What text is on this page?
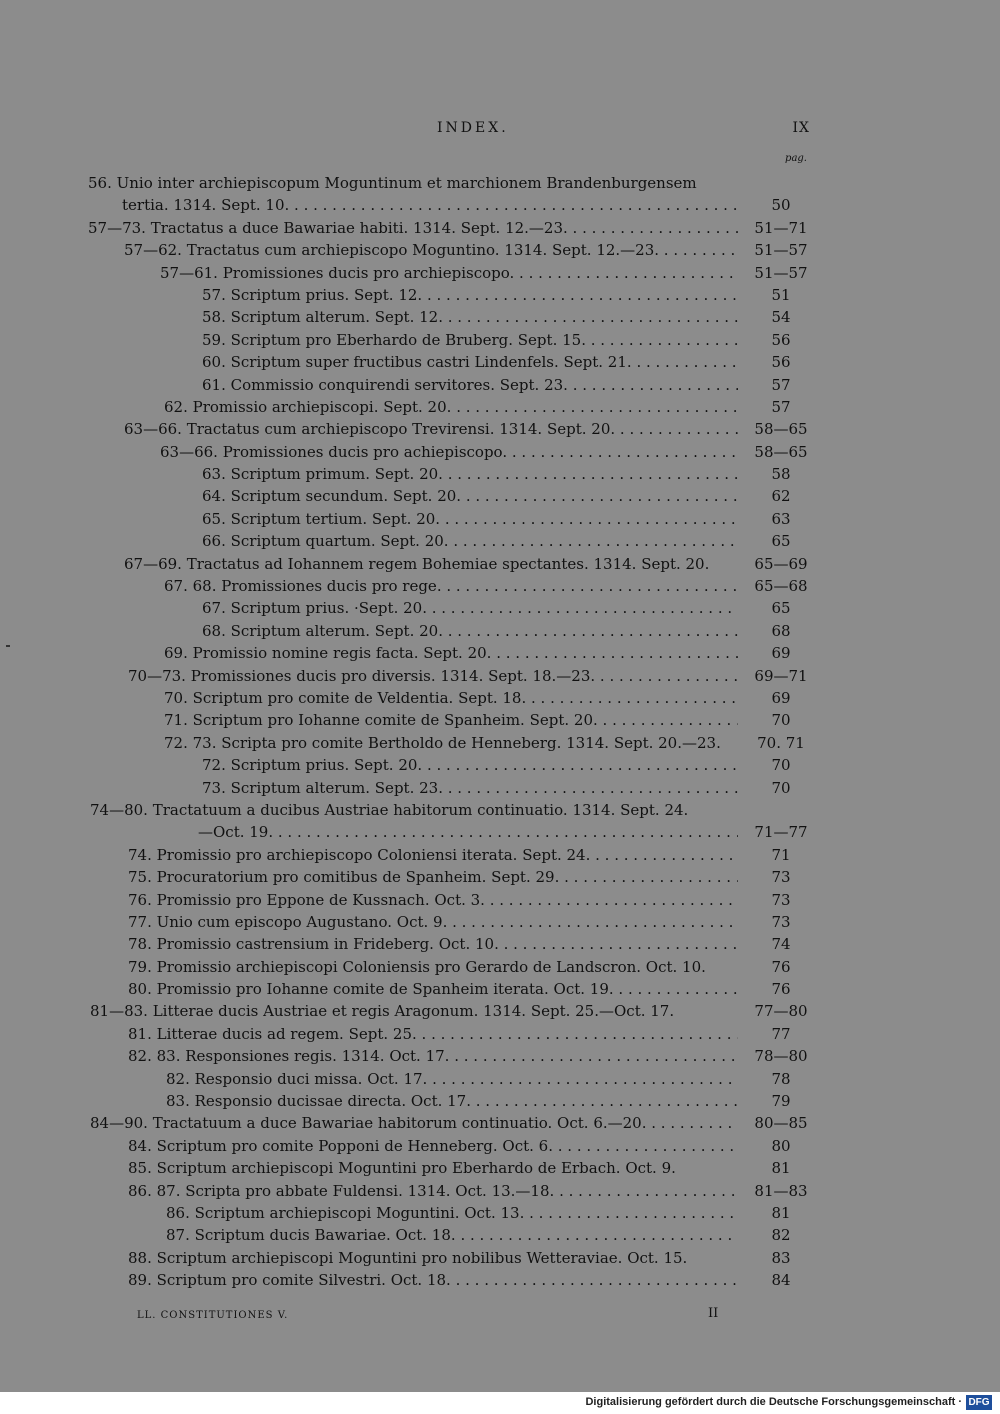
INDEX.	IX
pag.
56. Unio inter archiepiscopum Moguntinum et marchionem Brandenburgensem
tertia. 1314. Sept. 10. . . .	50
57—73. Tractatus a duce Bawariae habiti. 1314. Sept. 12.—23. . . .	51—71
57—62. Tractatus cum archiepiscopo Moguntino. 1314. Sept. 12.—23. . . .	51—57
57—61. Promissiones ducis pro archiepiscopo. . . .	51—57
57. Scriptum prius. Sept. 12. . . .	51
58. Scriptum alterum. Sept. 12. . . .	54
59. Scriptum pro Eberhardo de Bruberg. Sept. 15. . . .	56
60. Scriptum super fructibus castri Lindenfels. Sept. 21. . . .	56
61. Commissio conquirendi servitores. Sept. 23. . . .	57
62. Promissio archiepiscopi. Sept. 20. . . .	57
63—66. Tractatus cum archiepiscopo Trevirensi. 1314. Sept. 20. . . .	58—65
63—66. Promissiones ducis pro achiepiscopo. . . .	58—65
63. Scriptum primum. Sept. 20. . . .	58
64. Scriptum secundum. Sept. 20. . . .	62
65. Scriptum tertium. Sept. 20. . . .	63
66. Scriptum quartum. Sept. 20. . . .	65
67—69. Tractatus ad Iohannem regem Bohemiae spectantes. 1314. Sept. 20.	65—69
67. 68. Promissiones ducis pro rege. . . .	65—68
67. Scriptum prius. ·Sept. 20. . . .	65
68. Scriptum alterum. Sept. 20. . . .	68
69. Promissio nomine regis facta. Sept. 20. . . .	69
70—73. Promissiones ducis pro diversis. 1314. Sept. 18.—23. . . .	69—71
70. Scriptum pro comite de Veldentia. Sept. 18. . . .	69
71. Scriptum pro Iohanne comite de Spanheim. Sept. 20. . . .	70
72. 73. Scripta pro comite Bertholdo de Henneberg. 1314. Sept. 20.—23.	70. 71
72. Scriptum prius. Sept. 20. . . .	70
73. Scriptum alterum. Sept. 23. . . .	70
74—80. Tractatuum a ducibus Austriae habitorum continuatio. 1314. Sept. 24.
—Oct. 19. . . .	71—77
74. Promissio pro archiepiscopo Coloniensi iterata. Sept. 24. . . .	71
75. Procuratorium pro comitibus de Spanheim. Sept. 29. . . .	73
76. Promissio pro Eppone de Kussnach. Oct. 3. . . .	73
77. Unio cum episcopo Augustano. Oct. 9. . . .	73
78. Promissio castrensium in Frideberg. Oct. 10. . . .	74
79. Promissio archiepiscopi Coloniensis pro Gerardo de Landscron. Oct. 10.	76
80. Promissio pro Iohanne comite de Spanheim iterata. Oct. 19. . . .	76
81—83. Litterae ducis Austriae et regis Aragonum. 1314. Sept. 25.—Oct. 17.	77—80
81. Litterae ducis ad regem. Sept. 25. . . .	77
82. 83. Responsiones regis. 1314. Oct. 17. . . .	78—80
82. Responsio duci missa. Oct. 17. . . .	78
83. Responsio ducissae directa. Oct. 17. . . .	79
84—90. Tractatuum a duce Bawariae habitorum continuatio. Oct. 6.—20. . . .	80—85
84. Scriptum pro comite Popponi de Henneberg. Oct. 6. . . .	80
85. Scriptum archiepiscopi Moguntini pro Eberhardo de Erbach. Oct. 9.	81
86. 87. Scripta pro abbate Fuldensi. 1314. Oct. 13.—18. . . .	81—83
86. Scriptum archiepiscopi Moguntini. Oct. 13. . . .	81
87. Scriptum ducis Bawariae. Oct. 18. . . .	82
88. Scriptum archiepiscopi Moguntini pro nobilibus Wetteraviae. Oct. 15.	83
89. Scriptum pro comite Silvestri. Oct. 18. . . .	84
LL. CONSTITUTIONES V.	II
Digitalisierung gefördert durch die Deutsche Forschungsgemeinschaft · DFG
